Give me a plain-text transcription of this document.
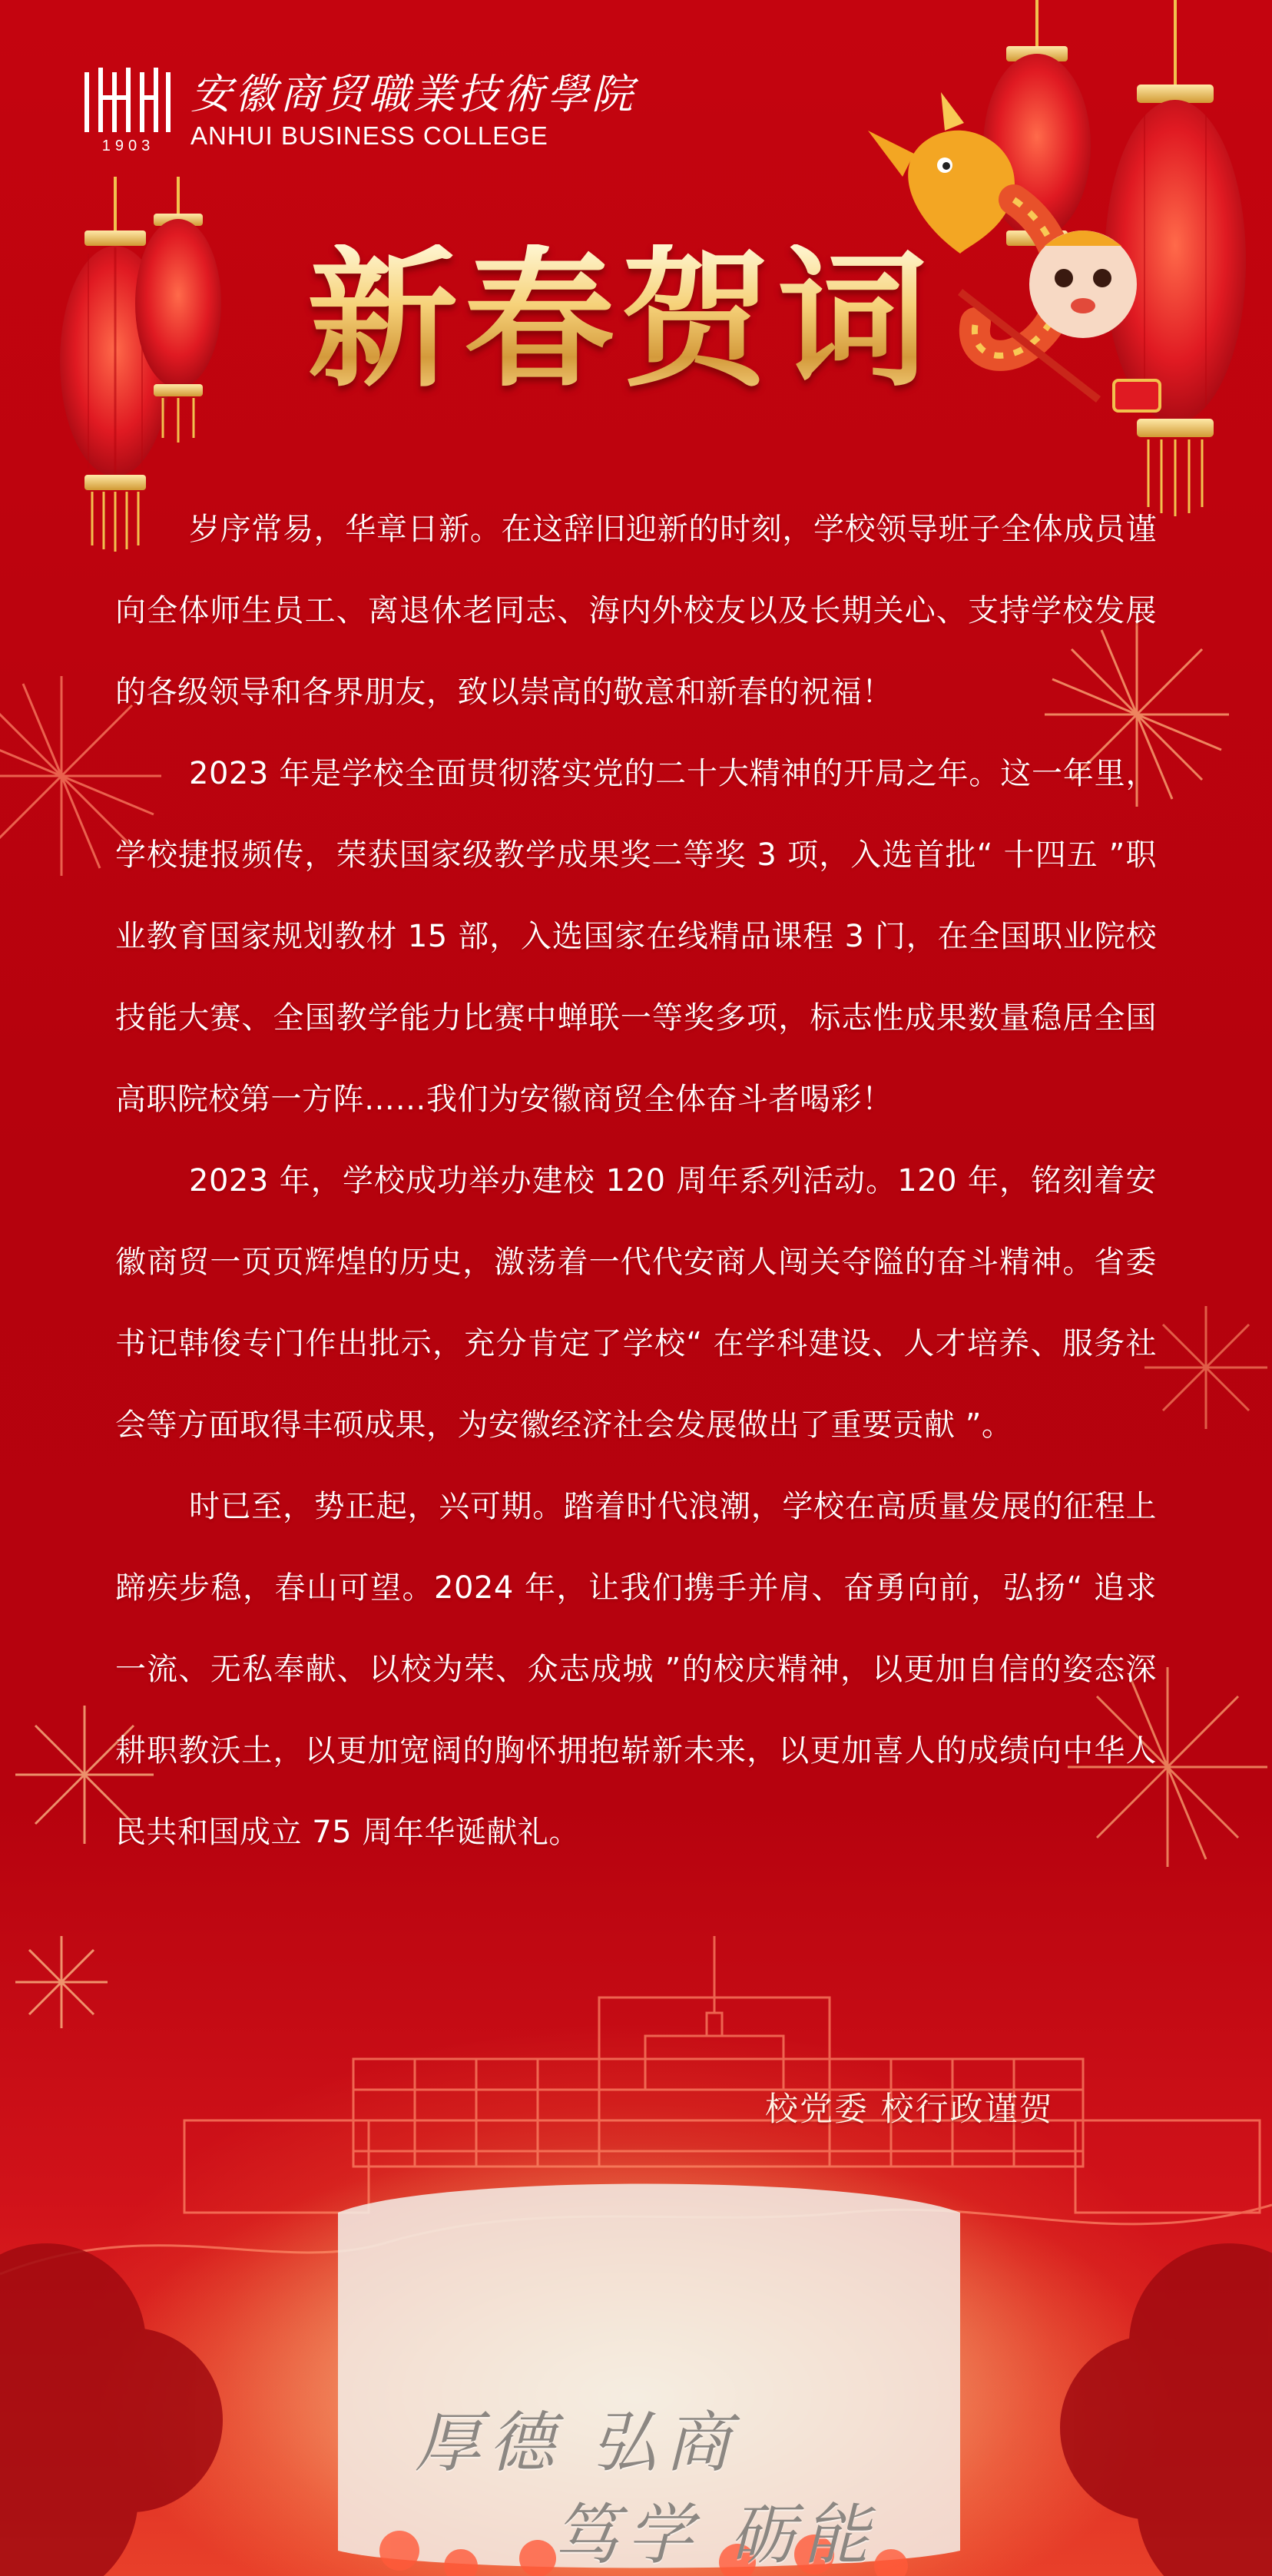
1903
安徽商贸職業技術學院
ANHUI BUSINESS COLLEGE
新春贺词

岁序常易，华章日新。在这辞旧迎新的时刻，学校领导班子全体成员谨向全体师生员工、离退休老同志、海内外校友以及长期关心、支持学校发展的各级领导和各界朋友，致以崇高的敬意和新春的祝福！

2023 年是学校全面贯彻落实党的二十大精神的开局之年。这一年里，学校捷报频传，荣获国家级教学成果奖二等奖 3 项，入选首批“ 十四五 ”职业教育国家规划教材 15 部，入选国家在线精品课程 3 门，在全国职业院校技能大赛、全国教学能力比赛中蝉联一等奖多项，标志性成果数量稳居全国高职院校第一方阵……我们为安徽商贸全体奋斗者喝彩！

2023 年，学校成功举办建校 120 周年系列活动。120 年，铭刻着安徽商贸一页页辉煌的历史，激荡着一代代安商人闯关夺隘的奋斗精神。省委书记韩俊专门作出批示，充分肯定了学校“ 在学科建设、人才培养、服务社会等方面取得丰硕成果，为安徽经济社会发展做出了重要贡献 ”。

时已至，势正起，兴可期。踏着时代浪潮，学校在高质量发展的征程上蹄疾步稳，春山可望。2024 年，让我们携手并肩、奋勇向前，弘扬“ 追求一流、无私奉献、以校为荣、众志成城 ”的校庆精神，以更加自信的姿态深耕职教沃土，以更加宽阔的胸怀拥抱崭新未来，以更加喜人的成绩向中华人民共和国成立 75 周年华诞献礼。

校党委 校行政谨贺
厚德 弘商
笃学 砺能
